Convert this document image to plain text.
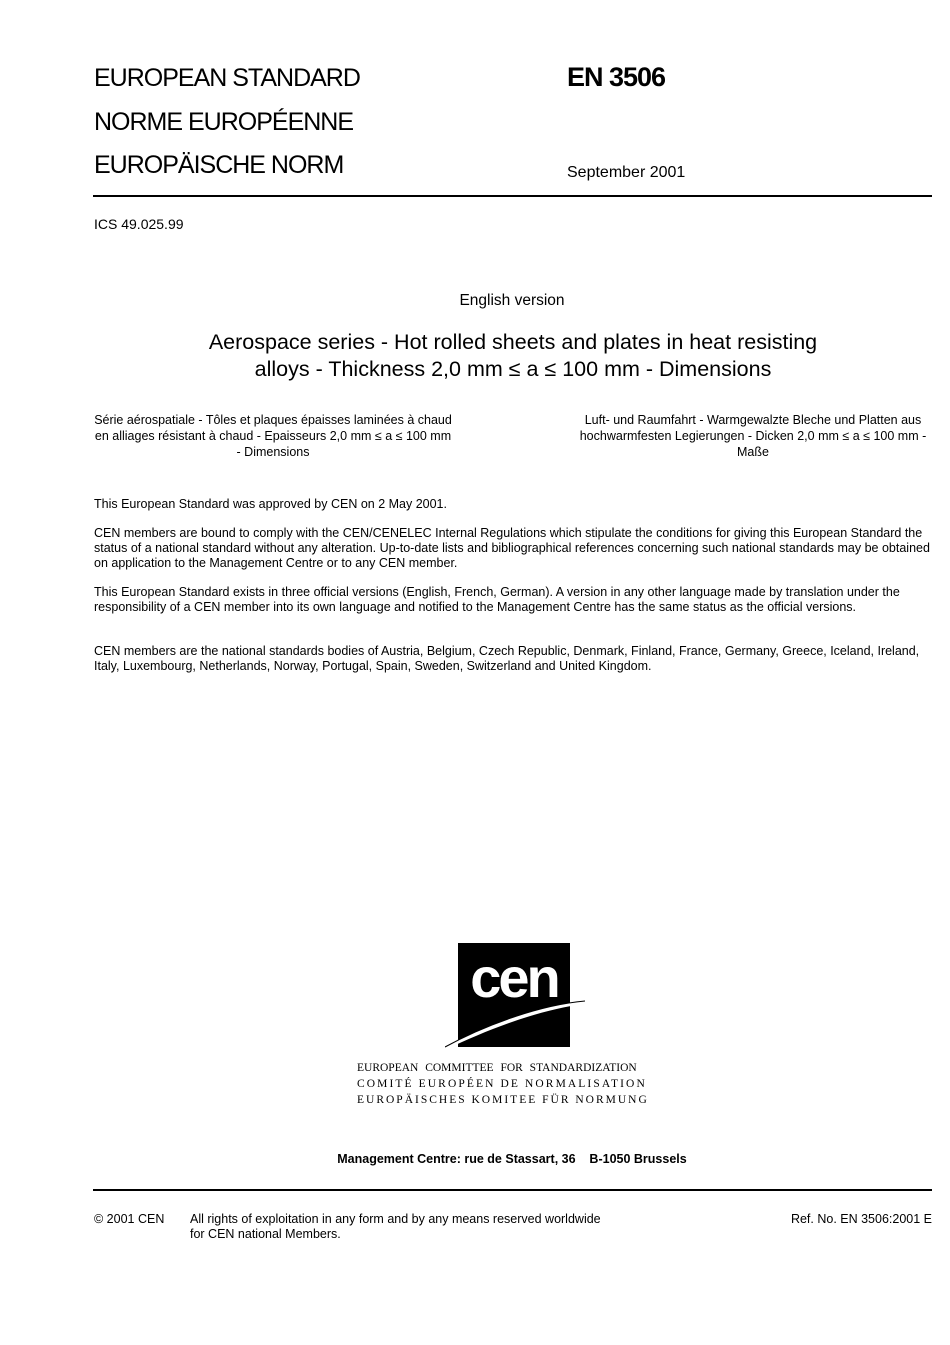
EUROPEAN STANDARD
NORME EUROPÉENNE
EUROPÄISCHE NORM
EN 3506
September 2001
ICS 49.025.99
English version
Aerospace series - Hot rolled sheets and plates in heat resisting
alloys - Thickness 2,0 mm ≤ a ≤ 100 mm - Dimensions
Série aérospatiale - Tôles et plaques épaisses laminées à chaud en alliages résistant à chaud - Epaisseurs 2,0 mm ≤ a ≤ 100 mm - Dimensions
Luft- und Raumfahrt - Warmgewalzte Bleche und Platten aus hochwarmfesten Legierungen - Dicken 2,0 mm ≤ a ≤ 100 mm - Maße
This European Standard was approved by CEN on 2 May 2001.
CEN members are bound to comply with the CEN/CENELEC Internal Regulations which stipulate the conditions for giving this European Standard the status of a national standard without any alteration. Up-to-date lists and bibliographical references concerning such national standards may be obtained on application to the Management Centre or to any CEN member.
This European Standard exists in three official versions (English, French, German). A version in any other language made by translation under the responsibility of a CEN member into its own language and notified to the Management Centre has the same status as the official versions.
CEN members are the national standards bodies of Austria, Belgium, Czech Republic, Denmark, Finland, France, Germany, Greece, Iceland, Ireland, Italy, Luxembourg, Netherlands, Norway, Portugal, Spain, Sweden, Switzerland and United Kingdom.
cen
EUROPEAN COMMITTEE FOR STANDARDIZATION
COMITÉ EUROPÉEN DE NORMALISATION
EUROPÄISCHES KOMITEE FÜR NORMUNG
Management Centre: rue de Stassart, 36    B-1050 Brussels
© 2001 CEN All rights of exploitation in any form and by any means reserved worldwide for CEN national Members.
Ref. No. EN 3506:2001 E
